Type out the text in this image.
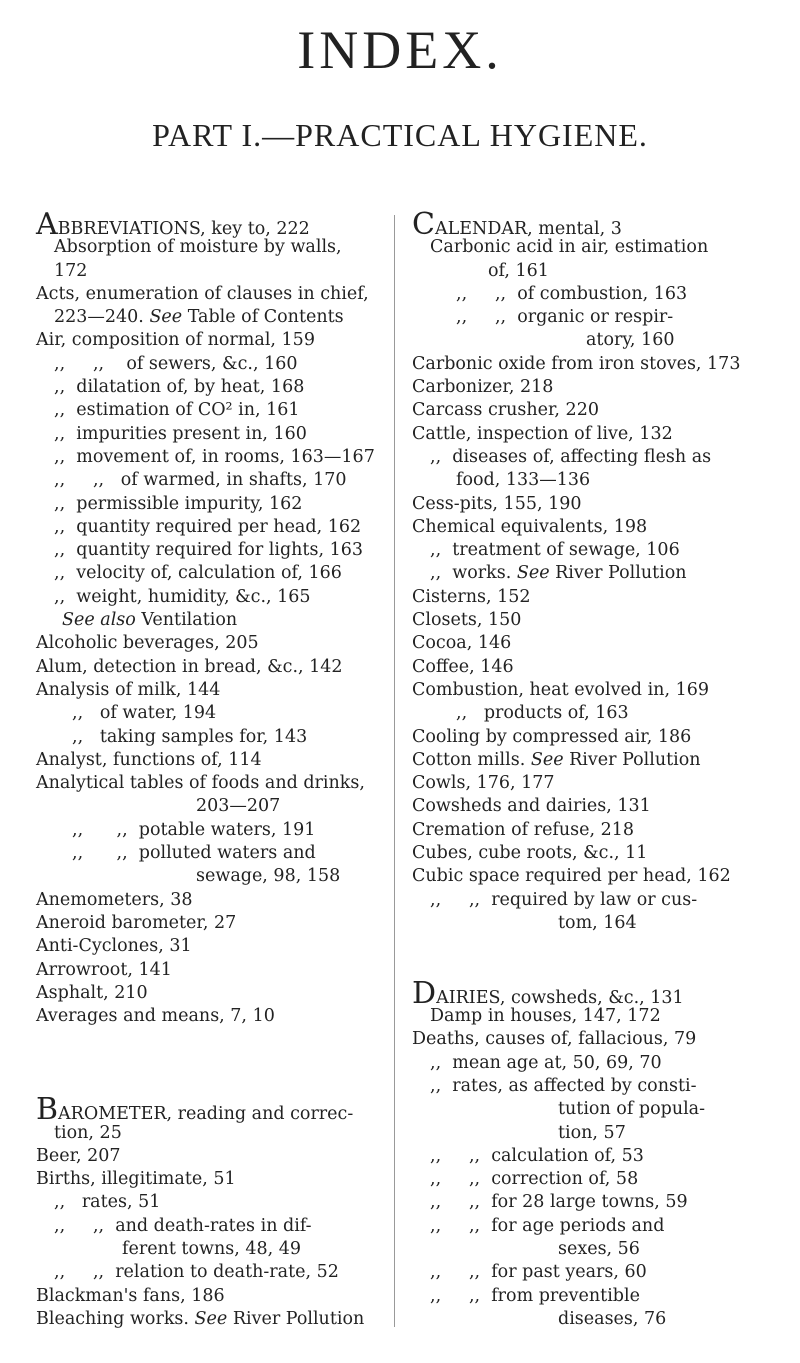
INDEX.
PART I.—PRACTICAL HYGIENE.
ABBREVIATIONS, key to, 222
Absorption of moisture by walls,
172
Acts, enumeration of clauses in chief,
223—240. See Table of Contents
Air, composition of normal, 159
,,     ,,    of sewers, &c., 160
,,  dilatation of, by heat, 168
,,  estimation of CO² in, 161
,,  impurities present in, 160
,,  movement of, in rooms, 163—167
,,     ,,   of warmed, in shafts, 170
,,  permissible impurity, 162
,,  quantity required per head, 162
,,  quantity required for lights, 163
,,  velocity of, calculation of, 166
,,  weight, humidity, &c., 165
See also Ventilation
Alcoholic beverages, 205
Alum, detection in bread, &c., 142
Analysis of milk, 144
,,   of water, 194
,,   taking samples for, 143
Analyst, functions of, 114
Analytical tables of foods and drinks,
203—207
,,      ,,  potable waters, 191
,,      ,,  polluted waters and
sewage, 98, 158
Anemometers, 38
Aneroid barometer, 27
Anti-Cyclones, 31
Arrowroot, 141
Asphalt, 210
Averages and means, 7, 10
BAROMETER, reading and correc-
tion, 25
Beer, 207
Births, illegitimate, 51
,,   rates, 51
,,     ,,  and death-rates in dif-
ferent towns, 48, 49
,,     ,,  relation to death-rate, 52
Blackman's fans, 186
Bleaching works. See River Pollution
CALENDAR, mental, 3
Carbonic acid in air, estimation
of, 161
,,     ,,  of combustion, 163
,,     ,,  organic or respir-
atory, 160
Carbonic oxide from iron stoves, 173
Carbonizer, 218
Carcass crusher, 220
Cattle, inspection of live, 132
,,  diseases of, affecting flesh as
food, 133—136
Cess-pits, 155, 190
Chemical equivalents, 198
,,  treatment of sewage, 106
,,  works. See River Pollution
Cisterns, 152
Closets, 150
Cocoa, 146
Coffee, 146
Combustion, heat evolved in, 169
,,   products of, 163
Cooling by compressed air, 186
Cotton mills. See River Pollution
Cowls, 176, 177
Cowsheds and dairies, 131
Cremation of refuse, 218
Cubes, cube roots, &c., 11
Cubic space required per head, 162
,,     ,,  required by law or cus-
tom, 164
DAIRIES, cowsheds, &c., 131
Damp in houses, 147, 172
Deaths, causes of, fallacious, 79
,,  mean age at, 50, 69, 70
,,  rates, as affected by consti-
tution of popula-
tion, 57
,,     ,,  calculation of, 53
,,     ,,  correction of, 58
,,     ,,  for 28 large towns, 59
,,     ,,  for age periods and
sexes, 56
,,     ,,  for past years, 60
,,     ,,  from preventible
diseases, 76
